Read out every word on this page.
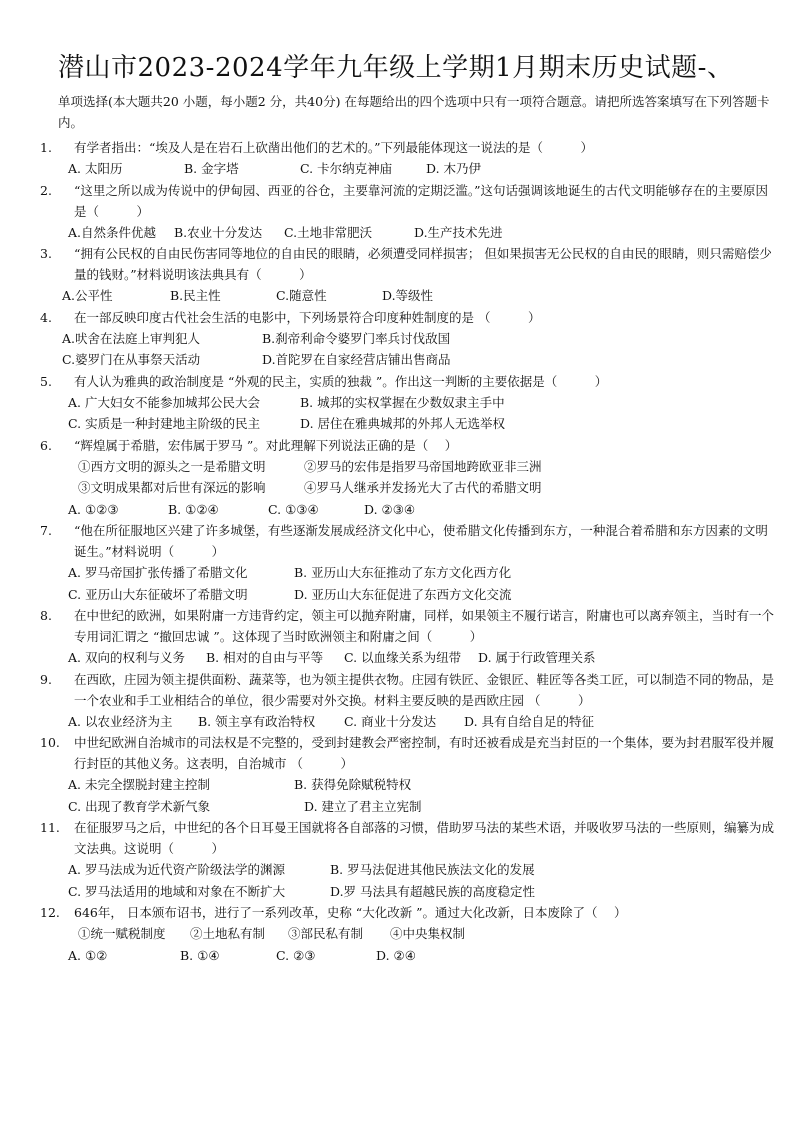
潜山市2023-2024学年九年级上学期1月期末历史试题-、
单项选择(本大题共20 小题，每小题2 分，共40分) 在每题给出的四个选项中只有一项符合题意。请把所选答案填写在下列答题卡内。
1.	有学者指出：“埃及人是在岩石上砍凿出他们的艺术的。”下列最能体现这一说法的是（　　　）
A. 太阳历	B. 金字塔	C. 卡尔纳克神庙	D. 木乃伊
2.	“这里之所以成为传说中的伊甸园、西亚的谷仓，主要靠河流的定期泛滥。”这句话强调该地诞生的古代文明能够存在的主要原因是（　　　）
A.自然条件优越	B.农业十分发达	C.土地非常肥沃	D.生产技术先进
3.	“拥有公民权的自由民伤害同等地位的自由民的眼睛，必须遭受同样损害； 但如果损害无公民权的自由民的眼睛，则只需赔偿少量的钱财。”材料说明该法典具有（　　　）
A.公平性	B.民主性	C.随意性	D.等级性
4.	在一部反映印度古代社会生活的电影中，下列场景符合印度种姓制度的是 （　　　）
A.吠舍在法庭上审判犯人	B.刹帝利命令婆罗门率兵讨伐敌国
C.婆罗门在从事祭天活动	D.首陀罗在自家经营店铺出售商品
5.	有人认为雅典的政治制度是 “外观的民主，实质的独裁 ”。作出这一判断的主要依据是（　　　）
A. 广大妇女不能参加城邦公民大会	B. 城邦的实权掌握在少数奴隶主手中
C. 实质是一种封建地主阶级的民主	D. 居住在雅典城邦的外邦人无选举权
6.	“辉煌属于希腊，宏伟属于罗马 ”。对此理解下列说法正确的是（　 ）
①西方文明的源头之一是希腊文明	②罗马的宏伟是指罗马帝国地跨欧亚非三洲
③文明成果都对后世有深远的影响	④罗马人继承并发扬光大了古代的希腊文明
A. ①②③	B. ①②④	C. ①③④	D. ②③④
7.	“他在所征服地区兴建了许多城堡，有些逐渐发展成经济文化中心，使希腊文化传播到东方，一种混合着希腊和东方因素的文明诞生。”材料说明（　　　）
A. 罗马帝国扩张传播了希腊文化	B. 亚历山大东征推动了东方文化西方化
C. 亚历山大东征破坏了希腊文明	D. 亚历山大东征促进了东西方文化交流
8.	在中世纪的欧洲，如果附庸一方违背约定，领主可以抛弃附庸，同样，如果领主不履行诺言，附庸也可以离弃领主，当时有一个专用词汇谓之 “撤回忠诚 ”。这体现了当时欧洲领主和附庸之间（　　　）
A. 双向的权利与义务	B. 相对的自由与平等	C. 以血缘关系为纽带	D. 属于行政管理关系
9.	在西欧，庄园为领主提供面粉、蔬菜等，也为领主提供衣物。庄园有铁匠、金银匠、鞋匠等各类工匠，可以制造不同的物品，是一个农业和手工业相结合的单位，很少需要对外交换。材料主要反映的是西欧庄园 （　　　）
A. 以农业经济为主	B. 领主享有政治特权	C. 商业十分发达	D. 具有自给自足的特征
10.	中世纪欧洲自治城市的司法权是不完整的，受到封建教会严密控制，有时还被看成是充当封臣的一个集体，要为封君服军役并履行封臣的其他义务。这表明，自治城市 （　　　）
A. 未完全摆脱封建主控制	B. 获得免除赋税特权
C. 出现了教育学术新气象	D. 建立了君主立宪制
11.	在征服罗马之后，中世纪的各个日耳曼王国就将各自部落的习惯，借助罗马法的某些术语，并吸收罗马法的一些原则，编纂为成文法典。这说明（　　　）
A. 罗马法成为近代资产阶级法学的渊源	B. 罗马法促进其他民族法文化的发展
C. 罗马法适用的地域和对象在不断扩大	D.罗 马法具有超越民族的高度稳定性
12.	646年， 日本颁布诏书，进行了一系列改革，史称 “大化改新 ”。通过大化改新，日本废除了（　 ）
①统一赋税制度 ②土地私有制 ③部民私有制 ④中央集权制
A. ①②	B. ①④	C. ②③	D. ②④
